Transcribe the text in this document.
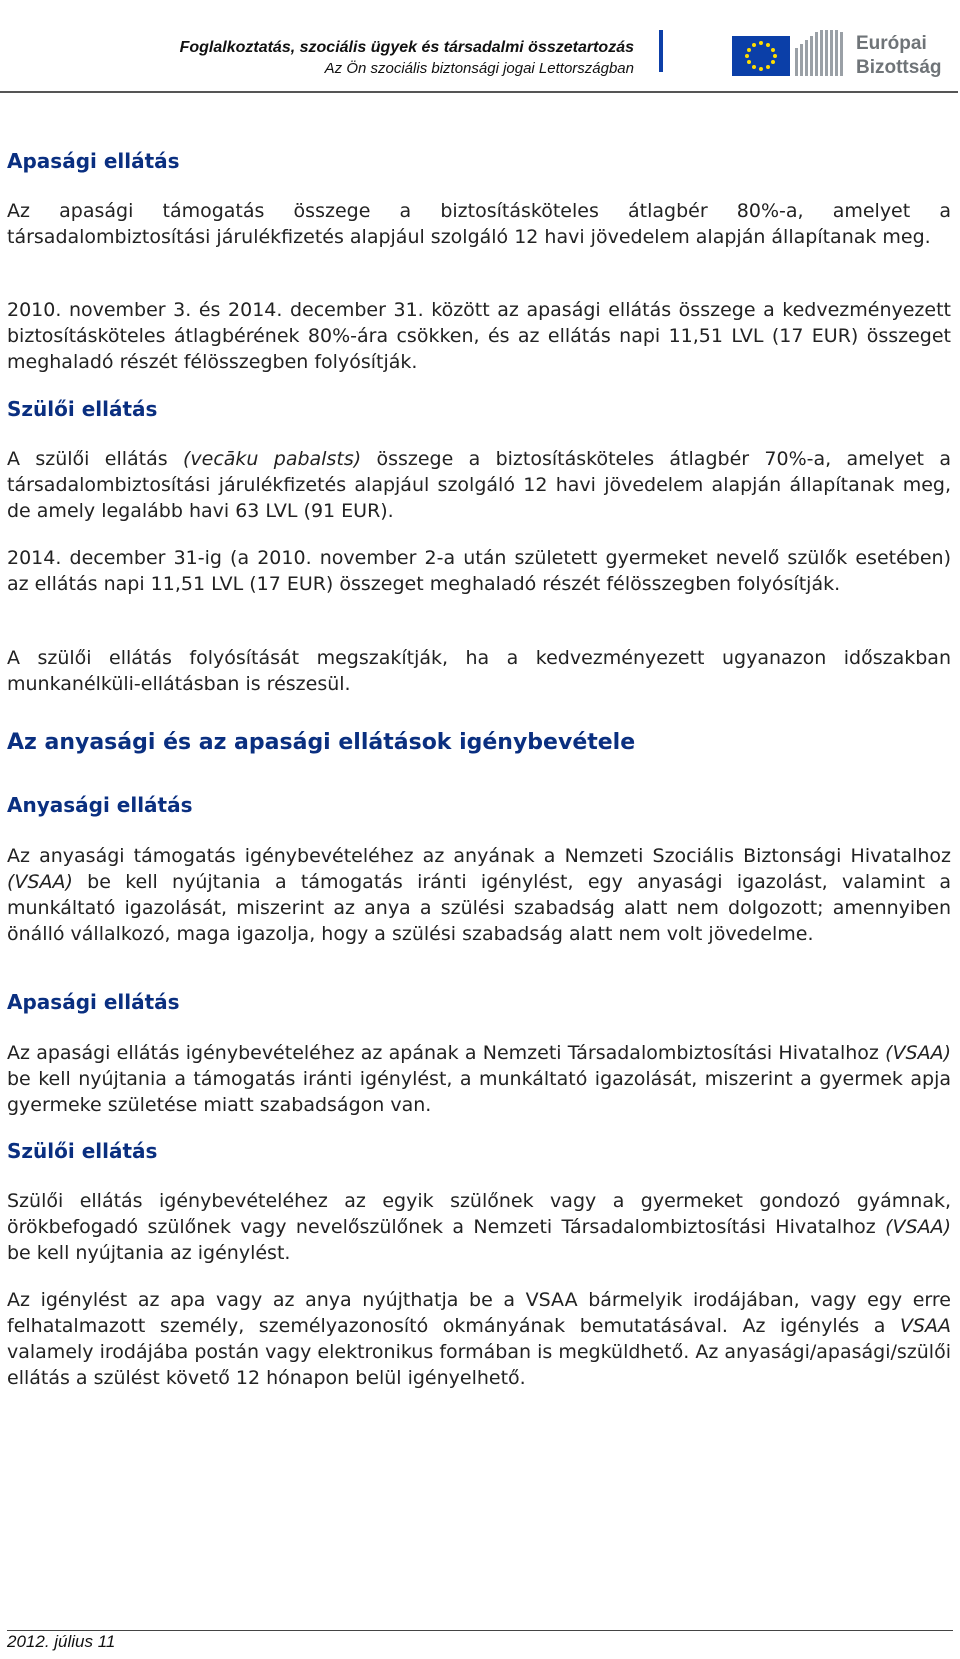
Foglalkoztatás, szociális ügyek és társadalmi összetartozás
Az Ön szociális biztonsági jogai Lettországban
Európai
Bizottság
Apasági ellátás

Az apasági támogatás összege a biztosításköteles átlagbér 80%-a, amelyet a társadalombiztosítási járulékfizetés alapjául szolgáló 12 havi jövedelem alapján állapítanak meg.

2010. november 3. és 2014. december 31. között az apasági ellátás összege a kedvezményezett biztosításköteles átlagbérének 80%-ára csökken, és az ellátás napi 11,51 LVL (17 EUR) összeget meghaladó részét félösszegben folyósítják.

Szülői ellátás

A szülői ellátás (vecāku pabalsts) összege a biztosításköteles átlagbér 70%-a, amelyet a társadalombiztosítási járulékfizetés alapjául szolgáló 12 havi jövedelem alapján állapítanak meg, de amely legalább havi 63 LVL (91 EUR).

2014. december 31-ig (a 2010. november 2-a után született gyermeket nevelő szülők esetében) az ellátás napi 11,51 LVL (17 EUR) összeget meghaladó részét félösszegben folyósítják.

A szülői ellátás folyósítását megszakítják, ha a kedvezményezett ugyanazon időszakban munkanélküli-ellátásban is részesül.

Az anyasági és az apasági ellátások igénybevétele
Anyasági ellátás

Az anyasági támogatás igénybevételéhez az anyának a Nemzeti Szociális Biztonsági Hivatalhoz (VSAA) be kell nyújtania a támogatás iránti igénylést, egy anyasági igazolást, valamint a munkáltató igazolását, miszerint az anya a szülési szabadság alatt nem dolgozott; amennyiben önálló vállalkozó, maga igazolja, hogy a szülési szabadság alatt nem volt jövedelme.

Apasági ellátás

Az apasági ellátás igénybevételéhez az apának a Nemzeti Társadalombiztosítási Hivatalhoz (VSAA) be kell nyújtania a támogatás iránti igénylést, a munkáltató igazolását, miszerint a gyermek apja gyermeke születése miatt szabadságon van.

Szülői ellátás

Szülői ellátás igénybevételéhez az egyik szülőnek vagy a gyermeket gondozó gyámnak, örökbefogadó szülőnek vagy nevelőszülőnek a Nemzeti Társadalombiztosítási Hivatalhoz (VSAA) be kell nyújtania az igénylést.

Az igénylést az apa vagy az anya nyújthatja be a VSAA bármelyik irodájában, vagy egy erre felhatalmazott személy, személyazonosító okmányának bemutatásával. Az igénylés a VSAA valamely irodájába postán vagy elektronikus formában is megküldhető. Az anyasági/apasági/szülői ellátás a szülést követő 12 hónapon belül igényelhető.

2012. július 11
